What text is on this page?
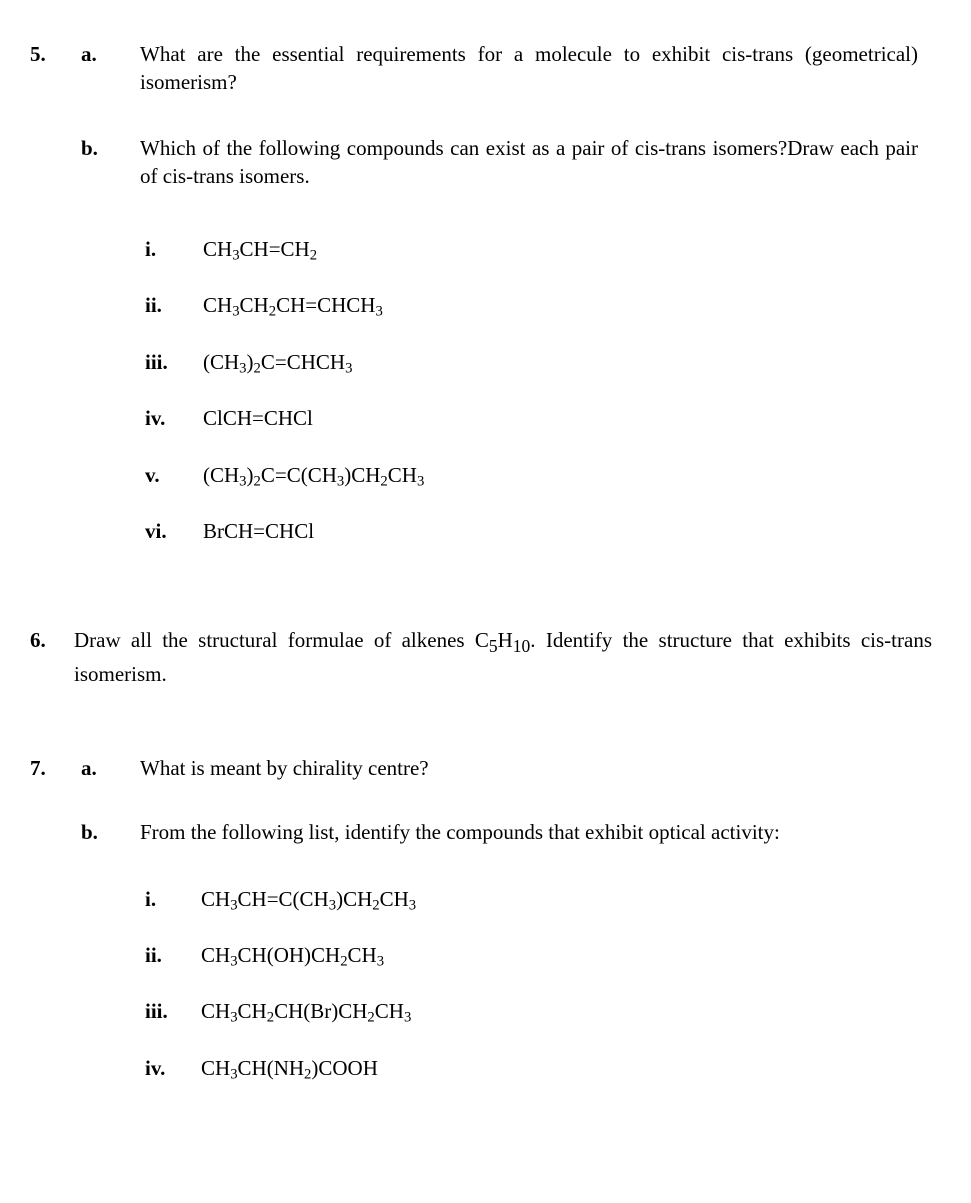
5. a. What are the essential requirements for a molecule to exhibit cis-trans (geometrical) isomerism?
b. Which of the following compounds can exist as a pair of cis-trans isomers?Draw each pair of cis-trans isomers.
i. $CH_3CH=CH_2$
ii. $CH_3CH_2CH=CHCH_3$
iii. $(CH_3)_2C=CHCH_3$
iv. ClCH=CHCl
v. $(CH_3)_2C=C(CH_3)CH_2CH_3$
vi. BrCH=CHCl
6. Draw all the structural formulae of alkenes $C_5H_{10}$. Identify the structure that exhibits cis-trans isomerism.
7. a. What is meant by chirality centre?
b. From the following list, identify the compounds that exhibit optical activity:
i. $CH_3CH=C(CH_3)CH_2CH_3$
ii. $CH_3CH(OH)CH_2CH_3$
iii. $CH_3CH_2CH(Br)CH_2CH_3$
iv. $CH_3CH(NH_2)COOH$
